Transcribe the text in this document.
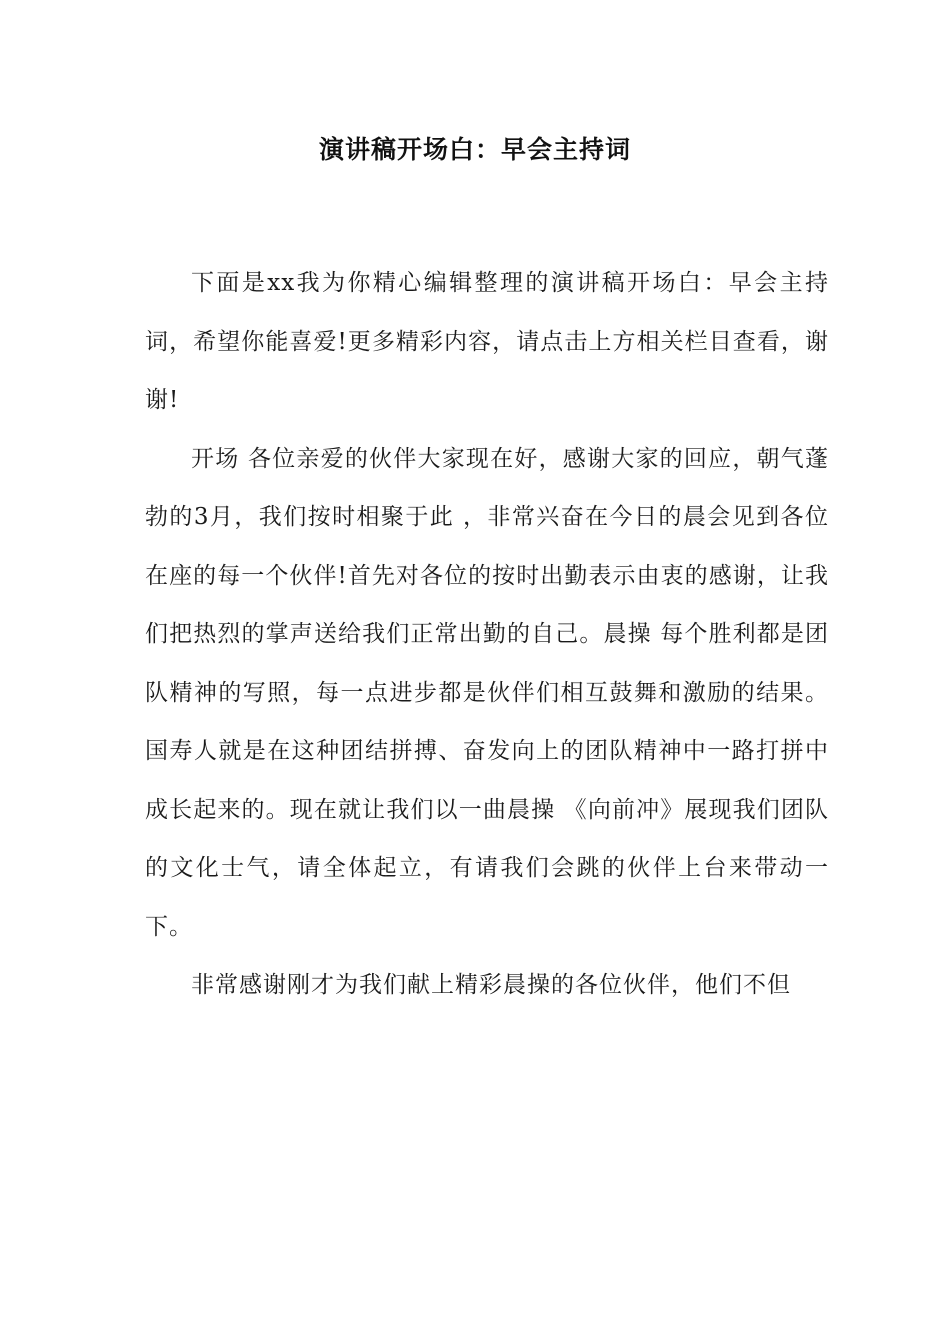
演讲稿开场白：早会主持词

下面是xx我为你精心编辑整理的演讲稿开场白：早会主持词，希望你能喜爱!更多精彩内容，请点击上方相关栏目查看，谢谢!

开场 各位亲爱的伙伴大家现在好，感谢大家的回应，朝气蓬勃的3月，我们按时相聚于此 ，非常兴奋在今日的晨会见到各位在座的每一个伙伴!首先对各位的按时出勤表示由衷的感谢，让我们把热烈的掌声送给我们正常出勤的自己。晨操 每个胜利都是团队精神的写照，每一点进步都是伙伴们相互鼓舞和激励的结果。国寿人就是在这种团结拼搏、奋发向上的团队精神中一路打拼中成长起来的。现在就让我们以一曲晨操 《向前冲》展现我们团队的文化士气，请全体起立，有请我们会跳的伙伴上台来带动一下。

非常感谢刚才为我们献上精彩晨操的各位伙伴，他们不但
